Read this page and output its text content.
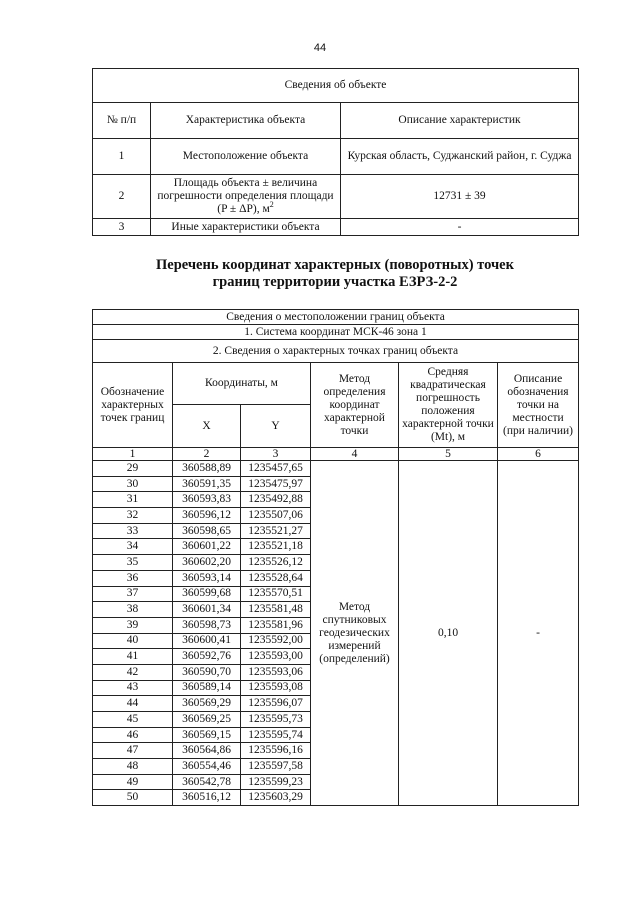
44
Сведения об объекте		
№ п/п	Характеристика объекта	Описание характеристик
1	Местоположение объекта	Курская область, Суджанский район, г. Суджа
2	Площадь объекта ± величина погрешности определения площади (P ± ΔP), $м^2$	12731 ± 39
3	Иные характеристики объекта	-
Перечень координат характерных (поворотных) точек
границ территории участка ЕЗРЗ-2-2
Сведения о местоположении границ объекта					
1. Система координат МСК-46 зона 1					
2. Сведения о характерных точках границ объекта					
Обозначение характерных точек границ	Координаты, м		Метод определения координат характерной точки	Средняя квадратическая погрешность положения характерной точки (Mt), м	Описание обозначения точки на местности (при наличии)
	X	Y			
1	2	3	4	5	6
29	360588,89	1235457,65	Метод спутниковых геодезических измерений (определений)	0,10	-
30	360591,35	1235475,97			
31	360593,83	1235492,88			
32	360596,12	1235507,06			
33	360598,65	1235521,27			
34	360601,22	1235521,18			
35	360602,20	1235526,12			
36	360593,14	1235528,64			
37	360599,68	1235570,51			
38	360601,34	1235581,48			
39	360598,73	1235581,96			
40	360600,41	1235592,00			
41	360592,76	1235593,00			
42	360590,70	1235593,06			
43	360589,14	1235593,08			
44	360569,29	1235596,07			
45	360569,25	1235595,73			
46	360569,15	1235595,74			
47	360564,86	1235596,16			
48	360554,46	1235597,58			
49	360542,78	1235599,23			
50	360516,12	1235603,29			
